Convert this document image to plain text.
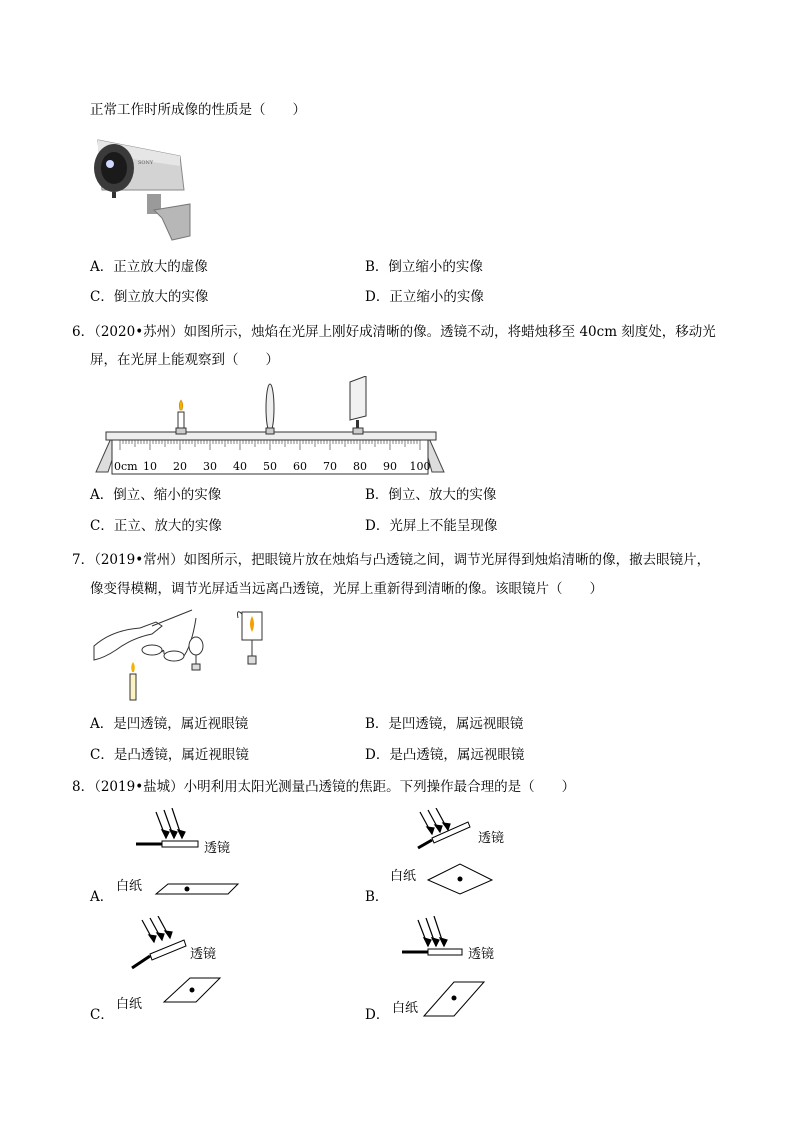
正常工作时所成像的性质是（　　）
SONY
A．正立放大的虚像	B．倒立缩小的实像
C．倒立放大的实像	D．正立缩小的实像
6．（2020•苏州）如图所示，烛焰在光屏上刚好成清晰的像。透镜不动，将蜡烛移至 40cm 刻度处，移动光
屏，在光屏上能观察到（　　）
0cm 10 20 30 40 50 60 70 80 90 100
A．倒立、缩小的实像	B．倒立、放大的实像
C．正立、放大的实像	D．光屏上不能呈现像
7．（2019•常州）如图所示，把眼镜片放在烛焰与凸透镜之间，调节光屏得到烛焰清晰的像，撤去眼镜片，
像变得模糊，调节光屏适当远离凸透镜，光屏上重新得到清晰的像。该眼镜片（　　）
A．是凹透镜，属近视眼镜	B．是凹透镜，属远视眼镜
C．是凸透镜，属近视眼镜	D．是凸透镜，属远视眼镜
8．（2019•盐城）小明利用太阳光测量凸透镜的焦距。下列操作最合理的是（　　）
透镜
白纸
A．
透镜
白纸
B．
透镜
白纸
C．
透镜
白纸
D．
